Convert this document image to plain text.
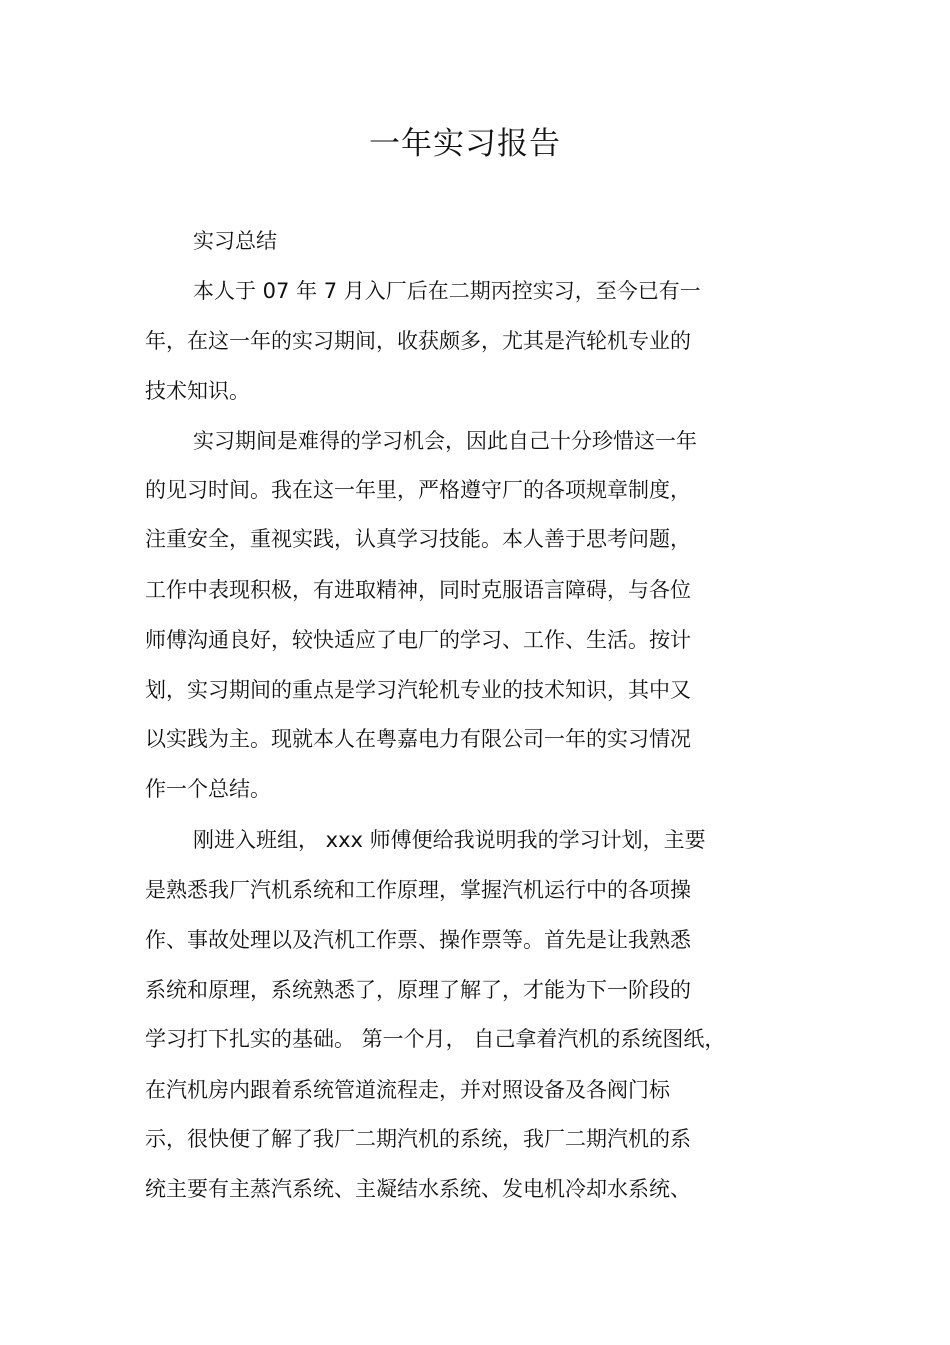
一年实习报告

实习总结

本人于 07 年 7 月入厂后在二期丙控实习，至今已有一

年，在这一年的实习期间，收获颇多，尤其是汽轮机专业的

技术知识。

实习期间是难得的学习机会，因此自己十分珍惜这一年

的见习时间。我在这一年里，严格遵守厂的各项规章制度，

注重安全，重视实践，认真学习技能。本人善于思考问题，

工作中表现积极，有进取精神，同时克服语言障碍，与各位

师傅沟通良好，较快适应了电厂的学习、工作、生活。按计

划，实习期间的重点是学习汽轮机专业的技术知识，其中又

以实践为主。现就本人在粤嘉电力有限公司一年的实习情况

作一个总结。

刚进入班组， xxx 师傅便给我说明我的学习计划，主要

是熟悉我厂汽机系统和工作原理，掌握汽机运行中的各项操

作、事故处理以及汽机工作票、操作票等。首先是让我熟悉

系统和原理，系统熟悉了，原理了解了，才能为下一阶段的

学习打下扎实的基础。 第一个月， 自己拿着汽机的系统图纸，

在汽机房内跟着系统管道流程走，并对照设备及各阀门标

示，很快便了解了我厂二期汽机的系统，我厂二期汽机的系

统主要有主蒸汽系统、主凝结水系统、发电机冷却水系统、
